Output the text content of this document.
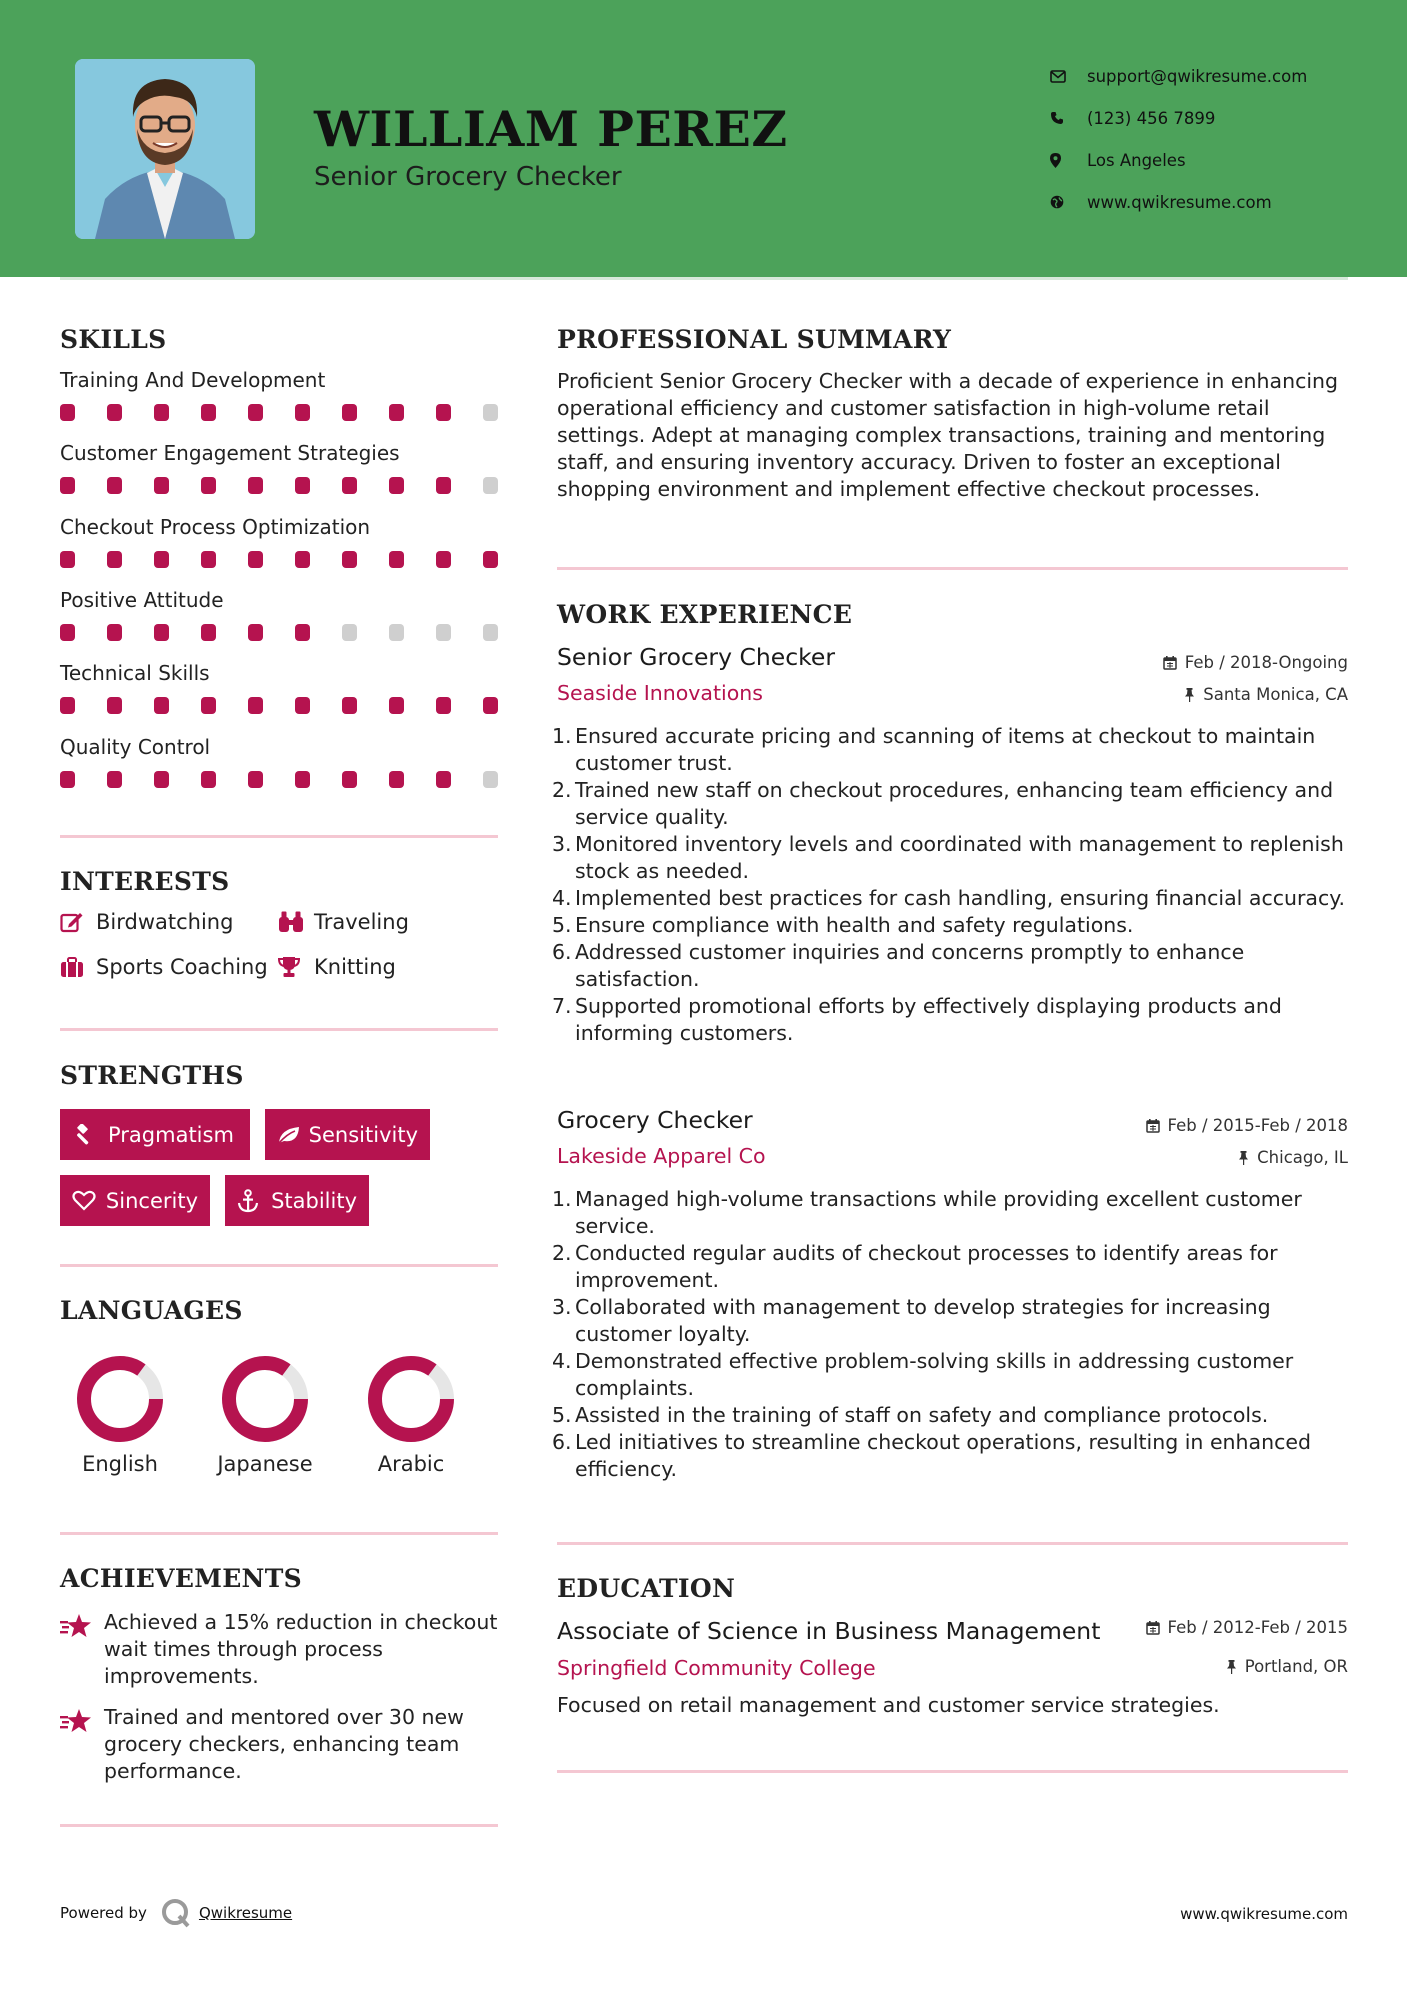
WILLIAM PEREZ
Senior Grocery Checker
support@qwikresume.com
(123) 456 7899
Los Angeles
www.qwikresume.com
SKILLS
Training And Development
Customer Engagement Strategies
Checkout Process Optimization
Positive Attitude
Technical Skills
Quality Control
INTERESTS
Birdwatching	Traveling
Sports Coaching Knitting
STRENGTHS
Pragmatism	Sensitivity
Sincerity	Stability
LANGUAGES
English	Japanese	Arabic
ACHIEVEMENTS
Achieved a 15% reduction in checkout wait times through process improvements.
Trained and mentored over 30 new grocery checkers, enhancing team performance.
PROFESSIONAL SUMMARY
Proficient Senior Grocery Checker with a decade of experience in enhancing operational efficiency and customer satisfaction in high-volume retail settings. Adept at managing complex transactions, training and mentoring staff, and ensuring inventory accuracy. Driven to foster an exceptional shopping environment and implement effective checkout processes.
WORK EXPERIENCE
Senior Grocery Checker	Feb / 2018-Ongoing
Seaside Innovations	Santa Monica, CA
1. Ensured accurate pricing and scanning of items at checkout to maintain customer trust.
2. Trained new staff on checkout procedures, enhancing team efficiency and service quality.
3. Monitored inventory levels and coordinated with management to replenish stock as needed.
4. Implemented best practices for cash handling, ensuring financial accuracy.
5. Ensure compliance with health and safety regulations.
6. Addressed customer inquiries and concerns promptly to enhance satisfaction.
7. Supported promotional efforts by effectively displaying products and informing customers.
Grocery Checker	Feb / 2015-Feb / 2018
Lakeside Apparel Co	Chicago, IL
1. Managed high-volume transactions while providing excellent customer service.
2. Conducted regular audits of checkout processes to identify areas for improvement.
3. Collaborated with management to develop strategies for increasing customer loyalty.
4. Demonstrated effective problem-solving skills in addressing customer complaints.
5. Assisted in the training of staff on safety and compliance protocols.
6. Led initiatives to streamline checkout operations, resulting in enhanced efficiency.
EDUCATION
Associate of Science in Business Management	Feb / 2012-Feb / 2015
Springfield Community College	Portland, OR
Focused on retail management and customer service strategies.
Powered by	Qwikresume	www.qwikresume.com
